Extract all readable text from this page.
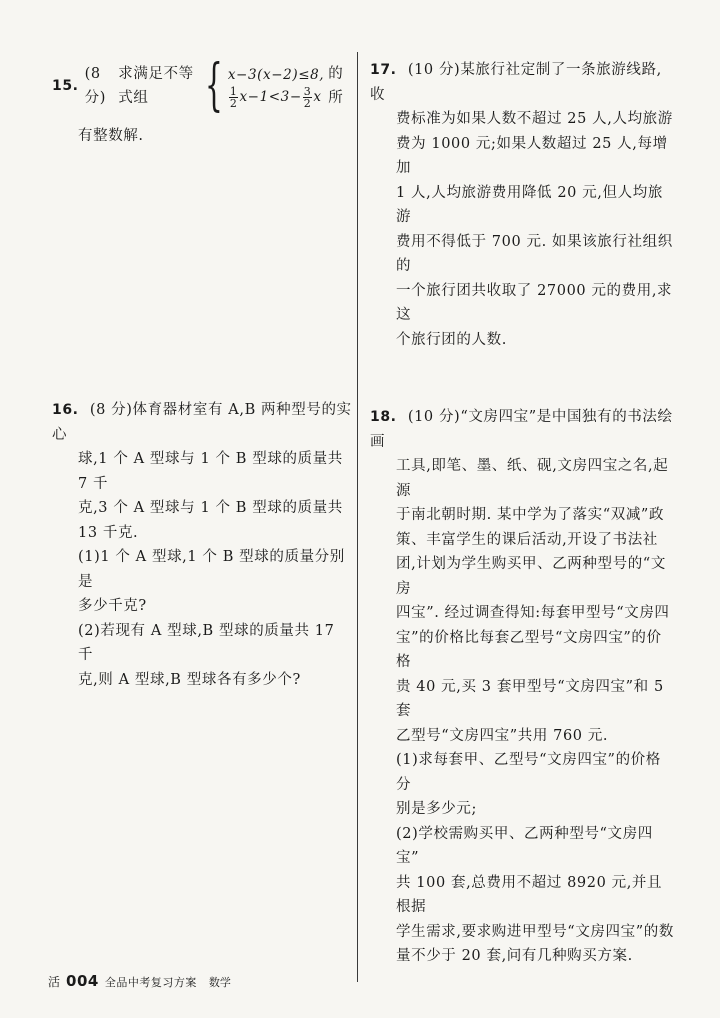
15.
(8 分)
求满足不等式组	{ x−3(x−2)≤8,
$\frac{1}{2} x-1<3- \frac{3}{2}$ x
的所
有整数解.
16. (8 分)体育器材室有 A,B 两种型号的实心
球,1 个 A 型球与 1 个 B 型球的质量共 7 千
克,3 个 A 型球与 1 个 B 型球的质量共
13 千克.
(1)1 个 A 型球,1 个 B 型球的质量分别是
多少千克?
(2)若现有 A 型球,B 型球的质量共 17 千
克,则 A 型球,B 型球各有多少个?
17. (10 分)某旅行社定制了一条旅游线路,收
费标准为如果人数不超过 25 人,人均旅游
费为 1000 元;如果人数超过 25 人,每增加
1 人,人均旅游费用降低 20 元,但人均旅游
费用不得低于 700 元. 如果该旅行社组织的
一个旅行团共收取了 27000 元的费用,求这
个旅行团的人数.
18. (10 分)“文房四宝”是中国独有的书法绘画
工具,即笔、墨、纸、砚,文房四宝之名,起源
于南北朝时期. 某中学为了落实“双减”政
策、丰富学生的课后活动,开设了书法社
团,计划为学生购买甲、乙两种型号的“文房
四宝”. 经过调查得知:每套甲型号“文房四
宝”的价格比每套乙型号“文房四宝”的价格
贵 40 元,买 3 套甲型号“文房四宝”和 5 套
乙型号“文房四宝”共用 760 元.
(1)求每套甲、乙型号“文房四宝”的价格分
别是多少元;
(2)学校需购买甲、乙两种型号“文房四宝”
共 100 套,总费用不超过 8920 元,并且根据
学生需求,要求购进甲型号“文房四宝”的数
量不少于 20 套,问有几种购买方案.
活 004 全品中考复习方案 数学
